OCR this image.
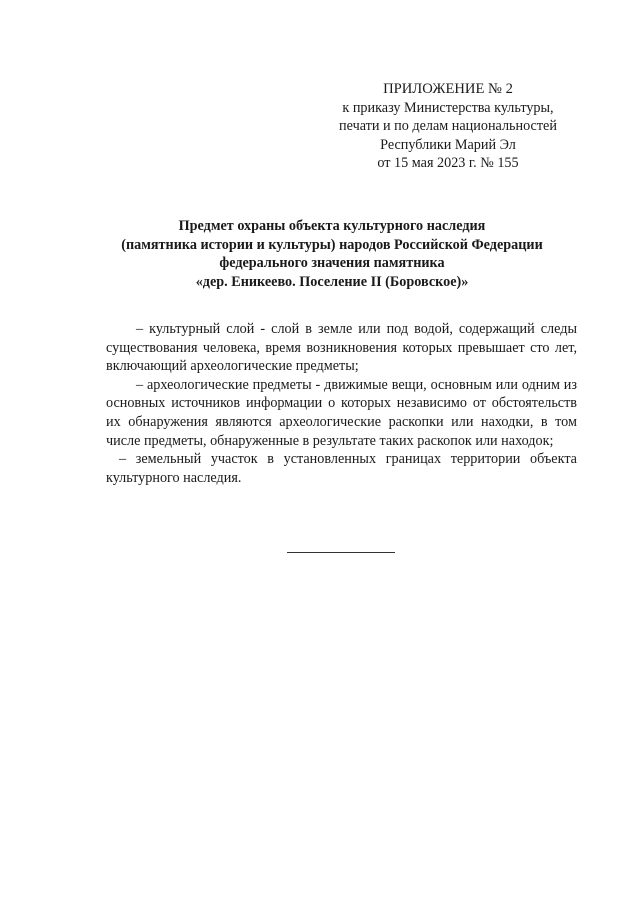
ПРИЛОЖЕНИЕ № 2
к приказу Министерства культуры,
печати и по делам национальностей
Республики Марий Эл
от 15 мая 2023 г. № 155
Предмет охраны объекта культурного наследия
(памятника истории и культуры) народов Российской Федерации
федерального значения памятника
«дер. Еникеево. Поселение II (Боровское)»

– культурный слой - слой в земле или под водой, содержащий следы существования человека, время возникновения которых превышает сто лет, включающий археологические предметы;

– археологические предметы - движимые вещи, основным или одним из основных источников информации о которых независимо от обстоятельств их обнаружения являются археологические раскопки или находки, в том числе предметы, обнаруженные в результате таких раскопок или находок;

– земельный участок в установленных границах территории объекта культурного наследия.
